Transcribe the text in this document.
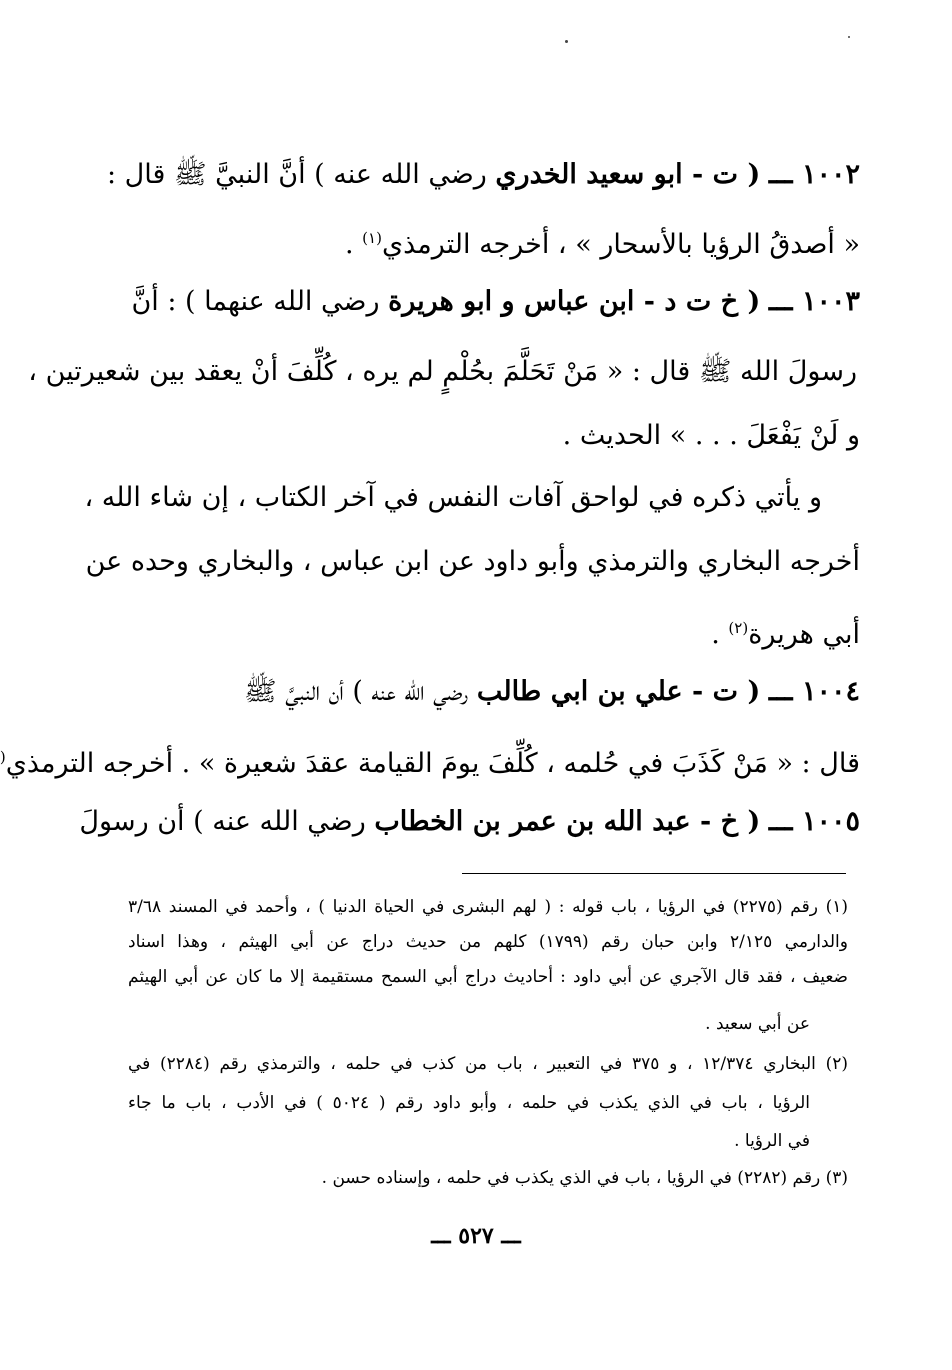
١٠٠٢ ـــ ( ت - ابو سعيد الخدري رضي الله عنه ) أنَّ النبيَّ ﷺ قال :
« أصدقُ الرؤيا بالأسحار » ، أخرجه الترمذي$^{(١)}$ .
١٠٠٣ ـــ ( خ ت د - ابن عباس و ابو هريرة رضي الله عنهما ) : أنَّ
رسولَ الله ﷺ قال : « مَنْ تَحَلَّمَ بحُلْمٍ لم يره ، كُلِّفَ أنْ يعقد بين شعيرتين ،
و لَنْ يَفْعَلَ . . . » الحديث .
و يأتي ذكره في لواحق آفات النفس في آخر الكتاب ، إن شاء الله ،
أخرجه البخاري والترمذي وأبو داود عن ابن عباس ، والبخاري وحده عن
أبي هريرة$^{(٢)}$ .
١٠٠٤ ـــ ( ت - علي بن ابي طالب رضي الله عنه ) أن النبيَّ ﷺ
قال : « مَنْ كَذَبَ في حُلمه ، كُلِّفَ يومَ القيامة عقدَ شعيرة » . أخرجه الترمذي(
١٠٠٥ ـــ ( خ - عبد الله بن عمر بن الخطاب رضي الله عنه ) أن رسولَ
(١) رقم (٢٢٧٥) في الرؤيا ، باب قوله : ( لهم البشرى في الحياة الدنيا ) ، وأحمد في المسند ٣/٦٨
والدارمي ٢/١٢٥ وابن حبان رقم (١٧٩٩) كلهم من حديث دراج عن أبي الهيثم ، وهذا اسناد
ضعيف ، فقد قال الآجري عن أبي داود : أحاديث دراج أبي السمح مستقيمة إلا ما كان عن أبي الهيثم
عن أبي سعيد .
(٢) البخاري ١٢/٣٧٤ ، و ٣٧٥ في التعبير ، باب من كذب في حلمه ، والترمذي رقم (٢٢٨٤) في
الرؤيا ، باب في الذي يكذب في حلمه ، وأبو داود رقم ( ٥٠٢٤ ) في الأدب ، باب ما جاء
في الرؤيا .
(٣) رقم (٢٢٨٢) في الرؤيا ، باب في الذي يكذب في حلمه ، وإسناده حسن .
ـــ ٥٢٧ ـــ
